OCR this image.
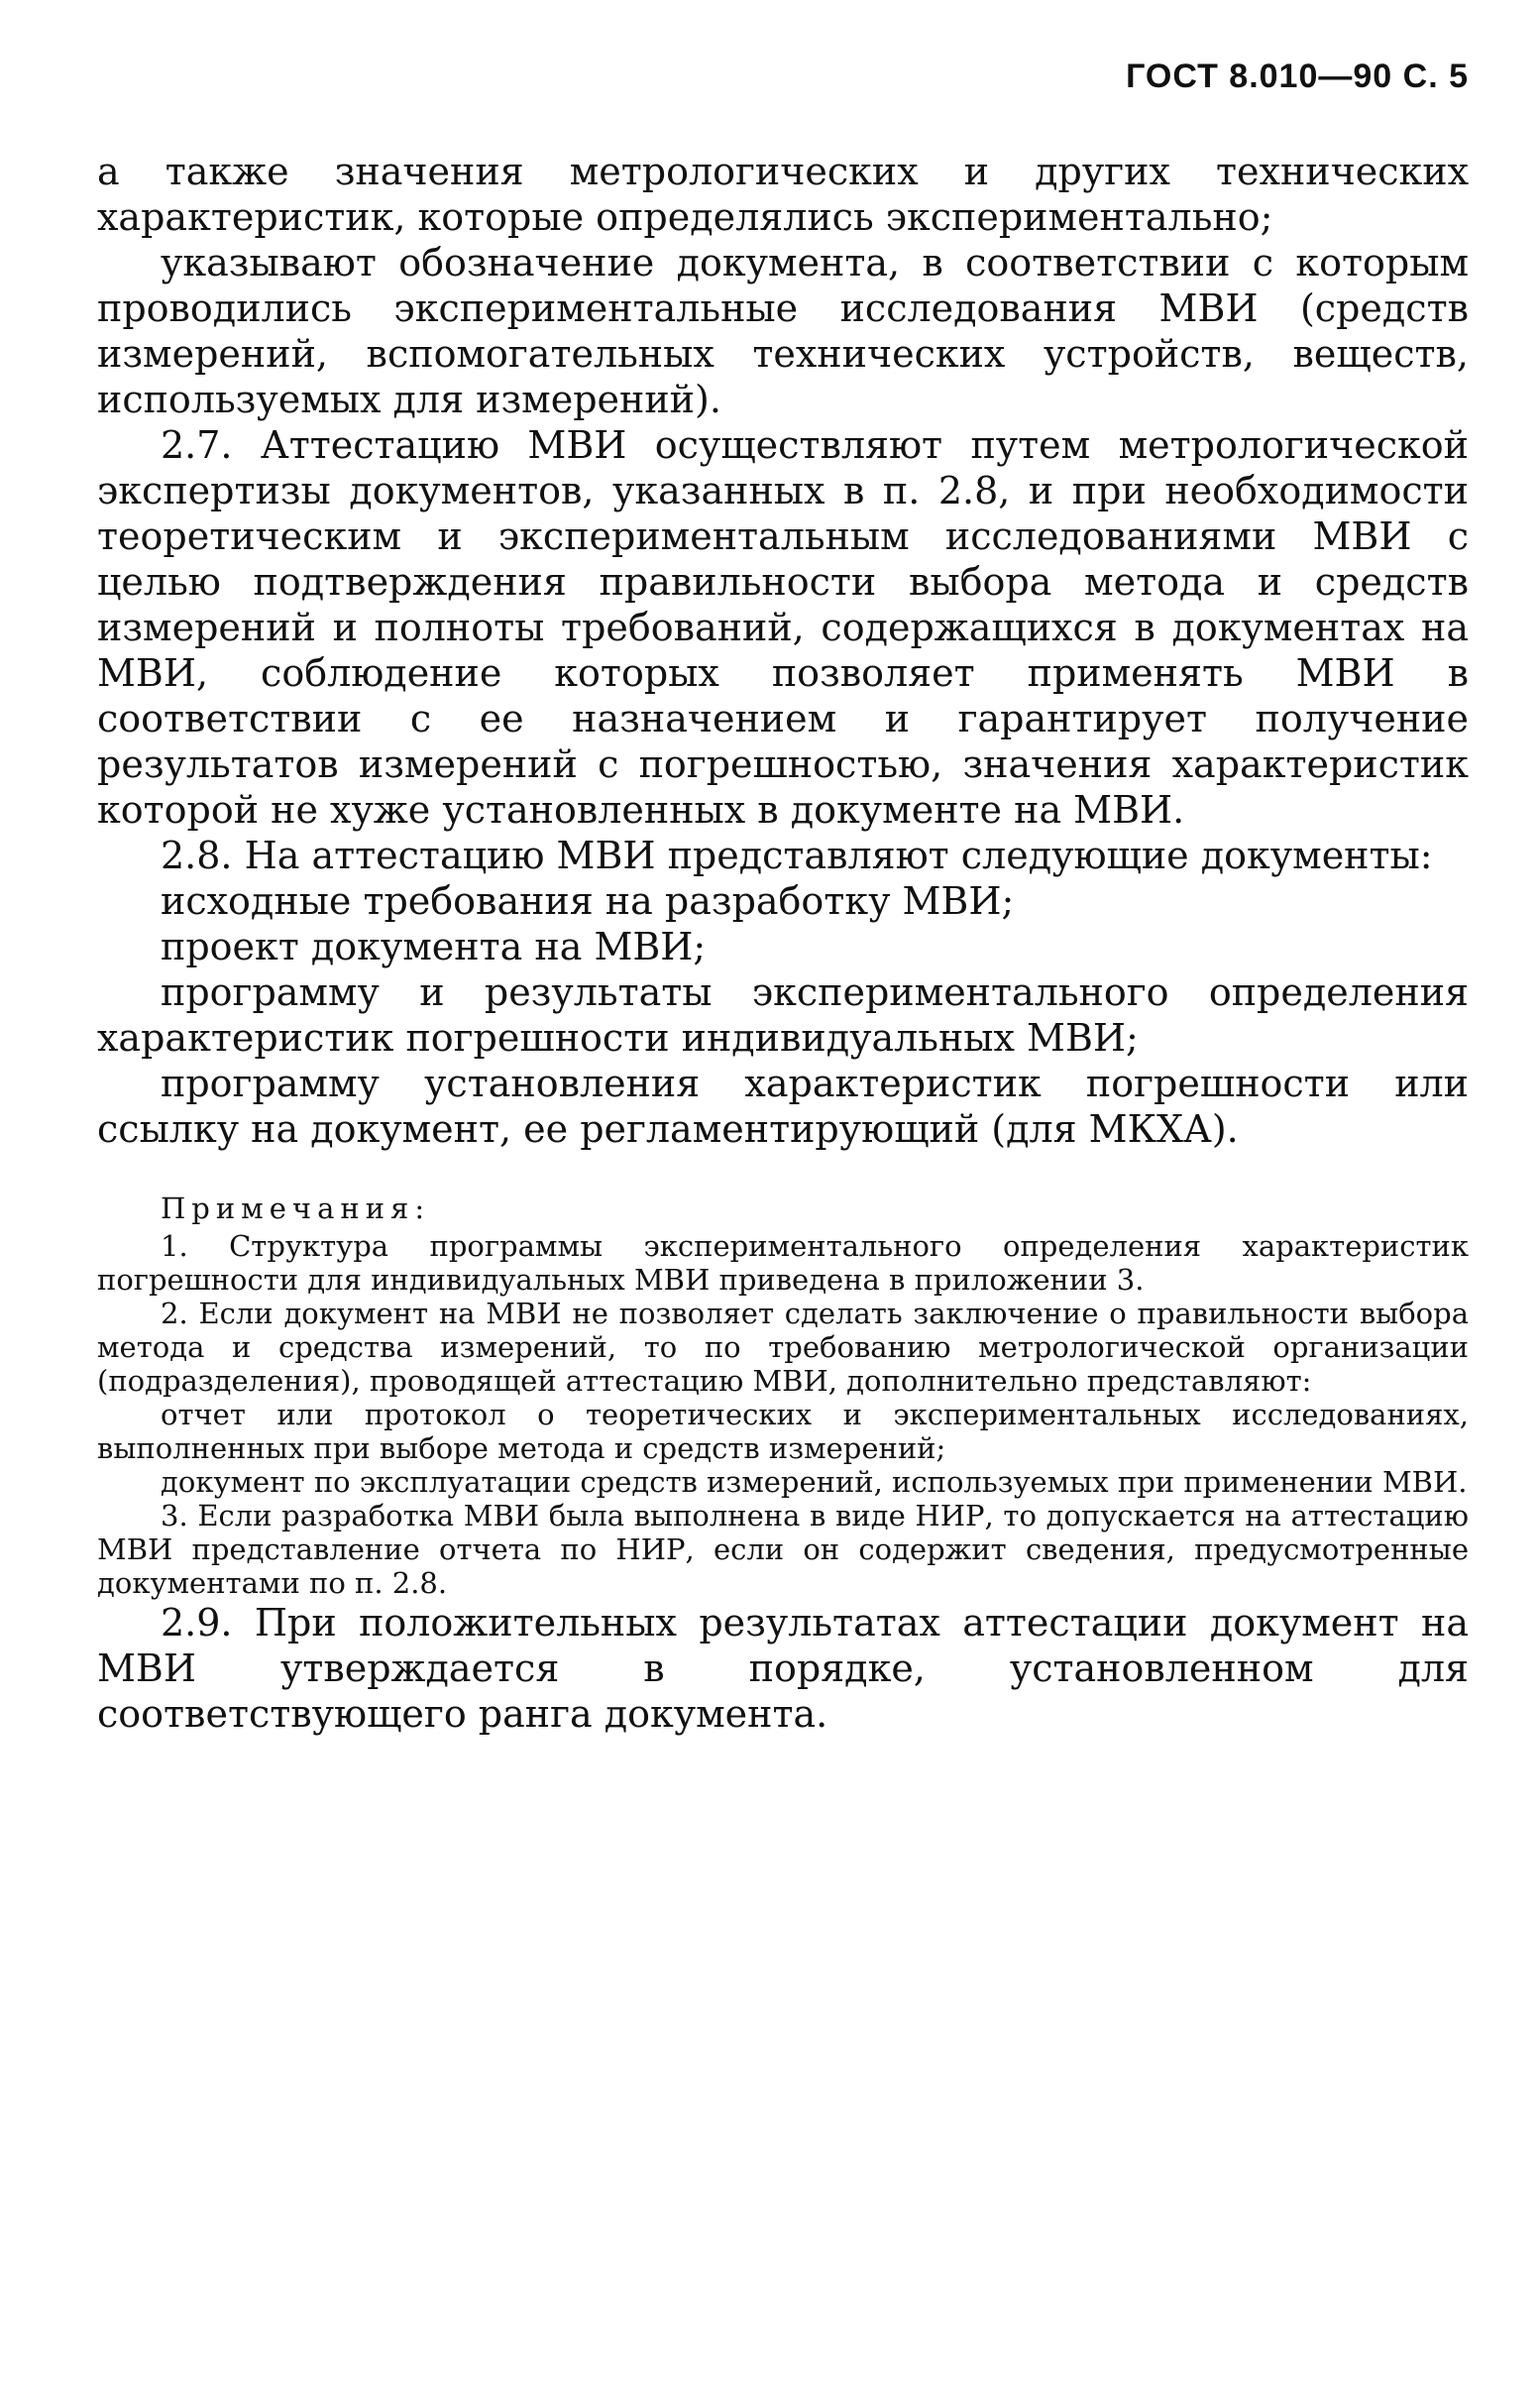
ГОСТ 8.010—90 С. 5

а также значения метрологических и других технических характеристик, которые определялись экспериментально;

указывают обозначение документа, в соответствии с которым проводились экспериментальные исследования МВИ (средств измерений, вспомогательных технических устройств, веществ, используемых для измерений).

2.7. Аттестацию МВИ осуществляют путем метрологической экспертизы документов, указанных в п. 2.8, и при необходимости теоретическим и экспериментальным исследованиями МВИ с целью подтверждения правильности выбора метода и средств измерений и полноты требований, содержащихся в документах на МВИ, соблюдение которых позволяет применять МВИ в соответствии с ее назначением и гарантирует получение результатов измерений с погрешностью, значения характеристик которой не хуже установленных в документе на МВИ.

2.8. На аттестацию МВИ представляют следующие документы:

исходные требования на разработку МВИ;

проект документа на МВИ;

программу и результаты экспериментального определения характеристик погрешности индивидуальных МВИ;

программу установления характеристик погрешности или ссылку на документ, ее регламентирующий (для МКХА).

Примечания:

1. Структура программы экспериментального определения характеристик погрешности для индивидуальных МВИ приведена в приложении 3.

2. Если документ на МВИ не позволяет сделать заключение о правильности выбора метода и средства измерений, то по требованию метрологической организации (подразделения), проводящей аттестацию МВИ, дополнительно представляют:

отчет или протокол о теоретических и экспериментальных исследованиях, выполненных при выборе метода и средств измерений;

документ по эксплуатации средств измерений, используемых при применении МВИ.

3. Если разработка МВИ была выполнена в виде НИР, то допускается на аттестацию МВИ представление отчета по НИР, если он содержит сведения, предусмотренные документами по п. 2.8.

2.9. При положительных результатах аттестации документ на МВИ утверждается в порядке, установленном для соответствующего ранга документа.
